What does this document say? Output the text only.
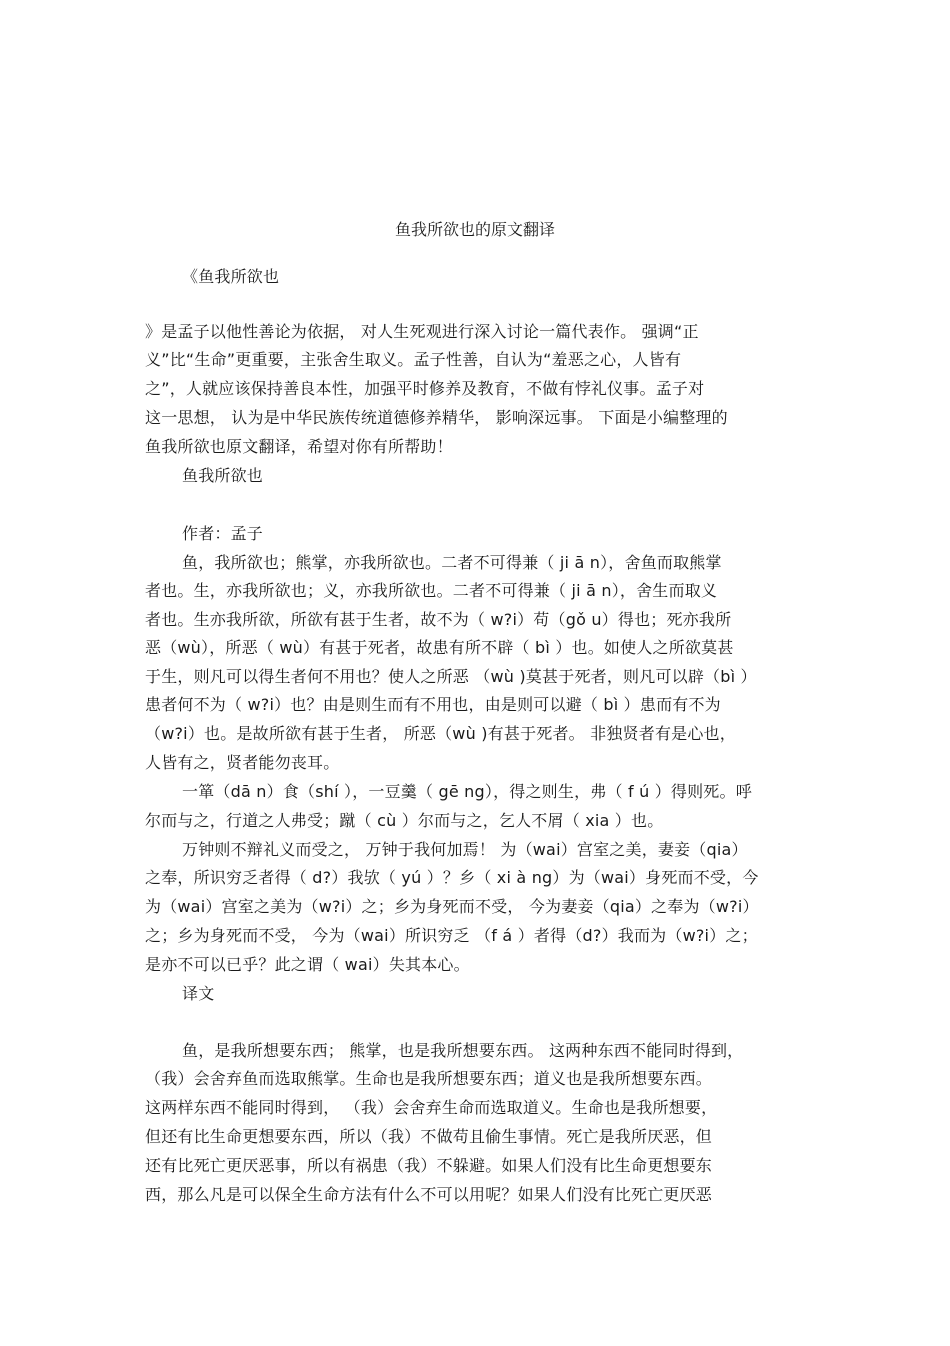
鱼我所欲也的原文翻译
《鱼我所欲也
》是孟子以他性善论为依据， 对人生死观进行深入讨论一篇代表作。 强调“正
义”比“生命”更重要，主张舍生取义。孟子性善，自认为“羞恶之心，人皆有
之”，人就应该保持善良本性，加强平时修养及教育，不做有悖礼仪事。孟子对
这一思想， 认为是中华民族传统道德修养精华， 影响深远事。 下面是小编整理的
鱼我所欲也原文翻译，希望对你有所帮助！
鱼我所欲也
作者：孟子
鱼，我所欲也；熊掌，亦我所欲也。二者不可得兼（ ji ā n），舍鱼而取熊掌
者也。生，亦我所欲也；义，亦我所欲也。二者不可得兼（ ji ā n），舍生而取义
者也。生亦我所欲，所欲有甚于生者，故不为（ w?i）苟（gǒ u）得也；死亦我所
恶（wù），所恶（ wù）有甚于死者，故患有所不辟（ bì ）也。如使人之所欲莫甚
于生，则凡可以得生者何不用也？使人之所恶 （wù )莫甚于死者，则凡可以辟（bì ）
患者何不为（ w?i）也？由是则生而有不用也，由是则可以避（ bì ）患而有不为
（w?i）也。是故所欲有甚于生者， 所恶（wù )有甚于死者。 非独贤者有是心也，
人皆有之，贤者能勿丧耳。
一箪（dā n）食（shí ），一豆羹（ gē ng），得之则生，弗（ f ú ）得则死。呼
尔而与之，行道之人弗受；蹴（ cù ）尔而与之，乞人不屑（ xia ）也。
万钟则不辩礼义而受之， 万钟于我何加焉！ 为（wai）宫室之美，妻妾（qia）
之奉，所识穷乏者得（ d?）我欤（ yú ）？乡（ xi à ng）为（wai）身死而不受，今
为（wai）宫室之美为（w?i）之；乡为身死而不受， 今为妻妾（qia）之奉为（w?i）
之；乡为身死而不受， 今为（wai）所识穷乏 （f á ）者得（d?）我而为（w?i）之；
是亦不可以已乎？此之谓（ wai）失其本心。
译文
鱼，是我所想要东西； 熊掌，也是我所想要东西。 这两种东西不能同时得到，
（我）会舍弃鱼而选取熊掌。生命也是我所想要东西；道义也是我所想要东西。
这两样东西不能同时得到， （我）会舍弃生命而选取道义。生命也是我所想要，
但还有比生命更想要东西，所以（我）不做苟且偷生事情。死亡是我所厌恶，但
还有比死亡更厌恶事，所以有祸患（我）不躲避。如果人们没有比生命更想要东
西，那么凡是可以保全生命方法有什么不可以用呢？如果人们没有比死亡更厌恶
